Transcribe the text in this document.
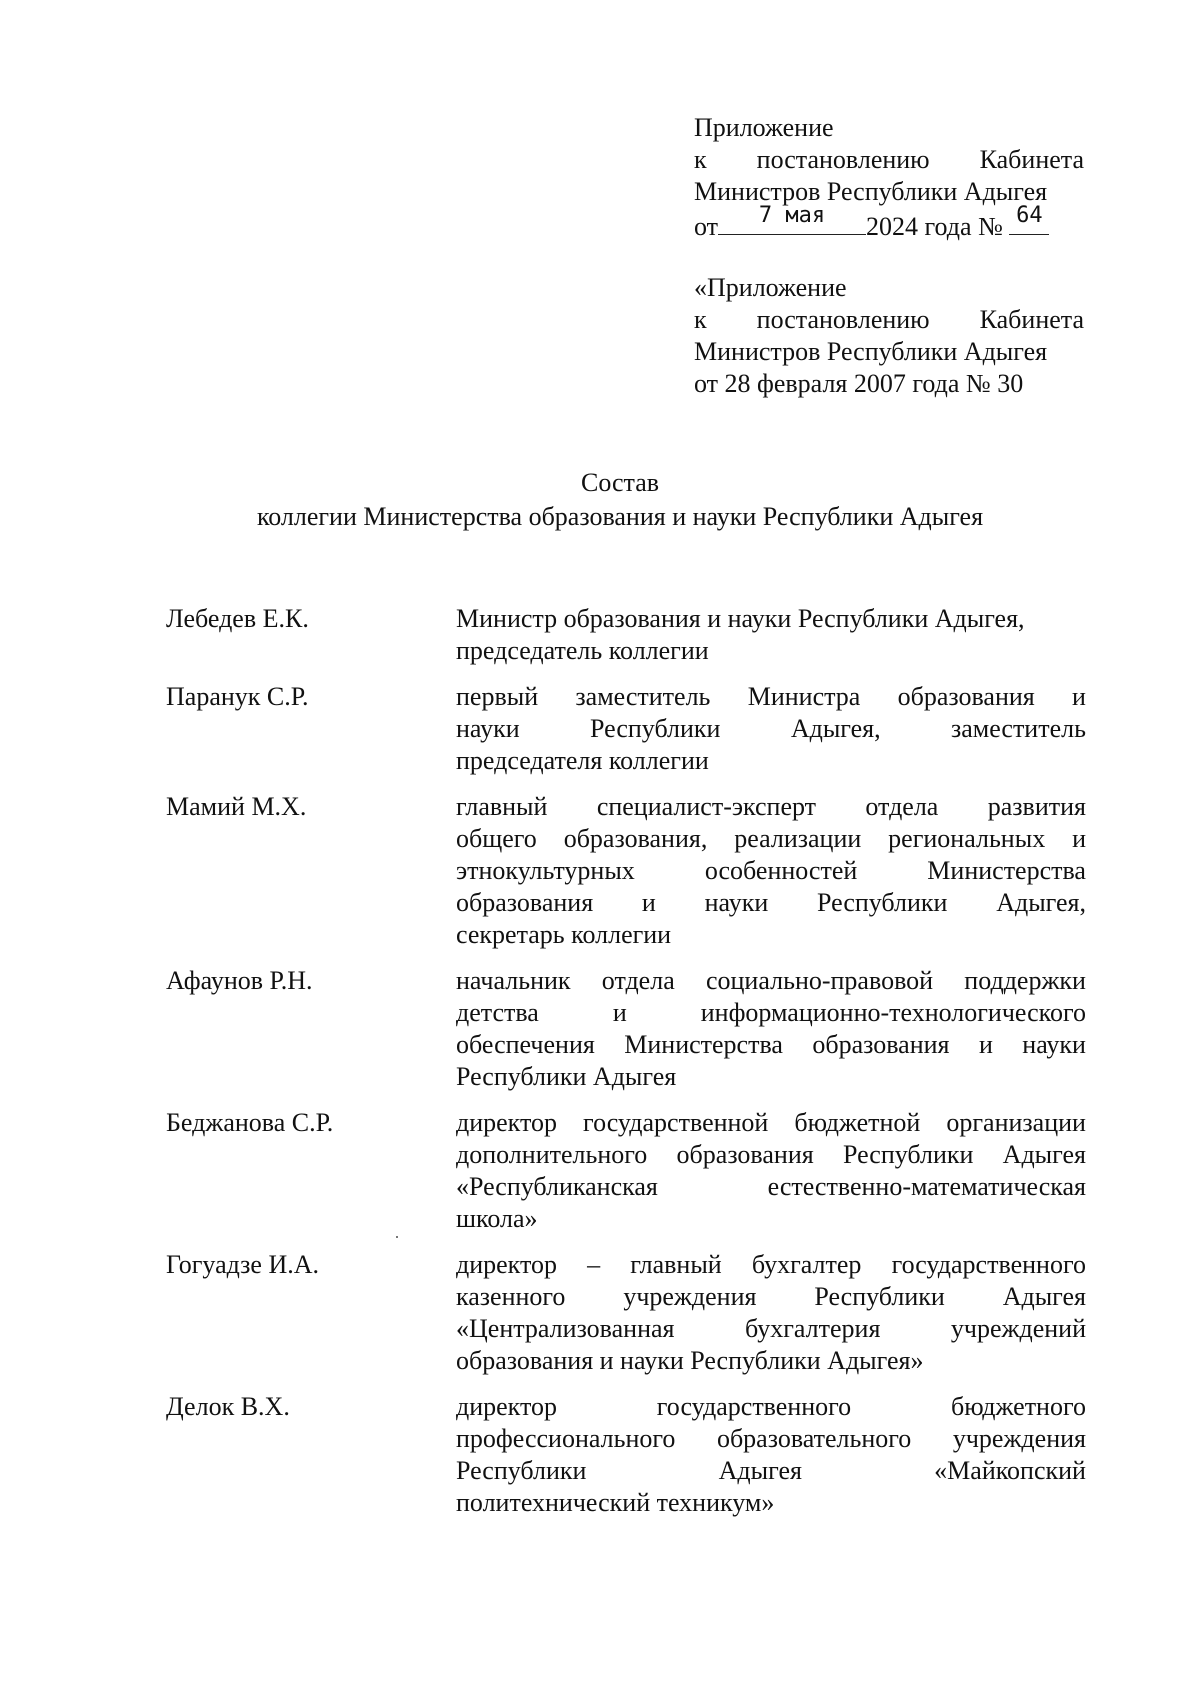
Приложение
к постановлению Кабинета
Министров Республики Адыгея
от	7 мая	2024 года № 64
«Приложение
к постановлению Кабинета
Министров Республики Адыгея
от 28 февраля 2007 года № 30
Состав
коллегии Министерства образования и науки Республики Адыгея
Лебедев Е.К.	Министр образования и науки Республики Адыгея,
председатель коллегии
Паранук С.Р.	первый заместитель Министра образования и
науки	Республики	Адыгея,	заместитель
председателя коллегии
Мамий М.Х.	главный специалист-эксперт отдела развития
общего образования, реализации региональных и
этнокультурных	особенностей	Министерства
образования и науки Республики Адыгея,
секретарь коллегии
Афаунов Р.Н.	начальник отдела социально-правовой поддержки
детства	и	информационно-технологического
обеспечения Министерства образования и науки
Республики Адыгея
Беджанова С.Р.	директор государственной бюджетной организации
дополнительного образования Республики Адыгея
«Республиканская	естественно-математическая
школа»
Гогуадзе И.А.	директор – главный бухгалтер государственного
казенного учреждения Республики Адыгея
«Централизованная	бухгалтерия	учреждений
образования и науки Республики Адыгея»
Делок В.Х.	директор	государственного	бюджетного
профессионального образовательного учреждения
Республики	Адыгея	«Майкопский
политехнический техникум»
